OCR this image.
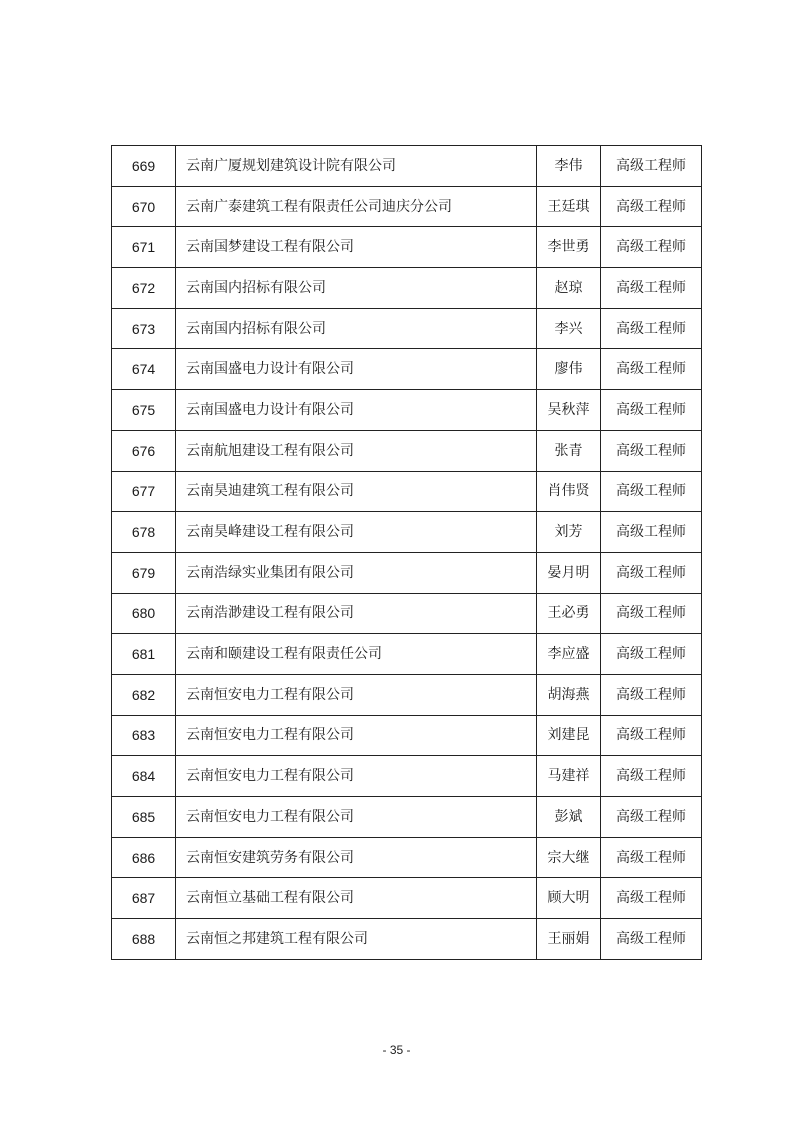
669	云南广厦规划建筑设计院有限公司	李伟	高级工程师
670	云南广泰建筑工程有限责任公司迪庆分公司	王廷琪	高级工程师
671	云南国梦建设工程有限公司	李世勇	高级工程师
672	云南国内招标有限公司	赵琼	高级工程师
673	云南国内招标有限公司	李兴	高级工程师
674	云南国盛电力设计有限公司	廖伟	高级工程师
675	云南国盛电力设计有限公司	吴秋萍	高级工程师
676	云南航旭建设工程有限公司	张青	高级工程师
677	云南昊迪建筑工程有限公司	肖伟贤	高级工程师
678	云南昊峰建设工程有限公司	刘芳	高级工程师
679	云南浩绿实业集团有限公司	晏月明	高级工程师
680	云南浩渺建设工程有限公司	王必勇	高级工程师
681	云南和颐建设工程有限责任公司	李应盛	高级工程师
682	云南恒安电力工程有限公司	胡海燕	高级工程师
683	云南恒安电力工程有限公司	刘建昆	高级工程师
684	云南恒安电力工程有限公司	马建祥	高级工程师
685	云南恒安电力工程有限公司	彭斌	高级工程师
686	云南恒安建筑劳务有限公司	宗大继	高级工程师
687	云南恒立基础工程有限公司	顾大明	高级工程师
688	云南恒之邦建筑工程有限公司	王丽娟	高级工程师
- 35 -
